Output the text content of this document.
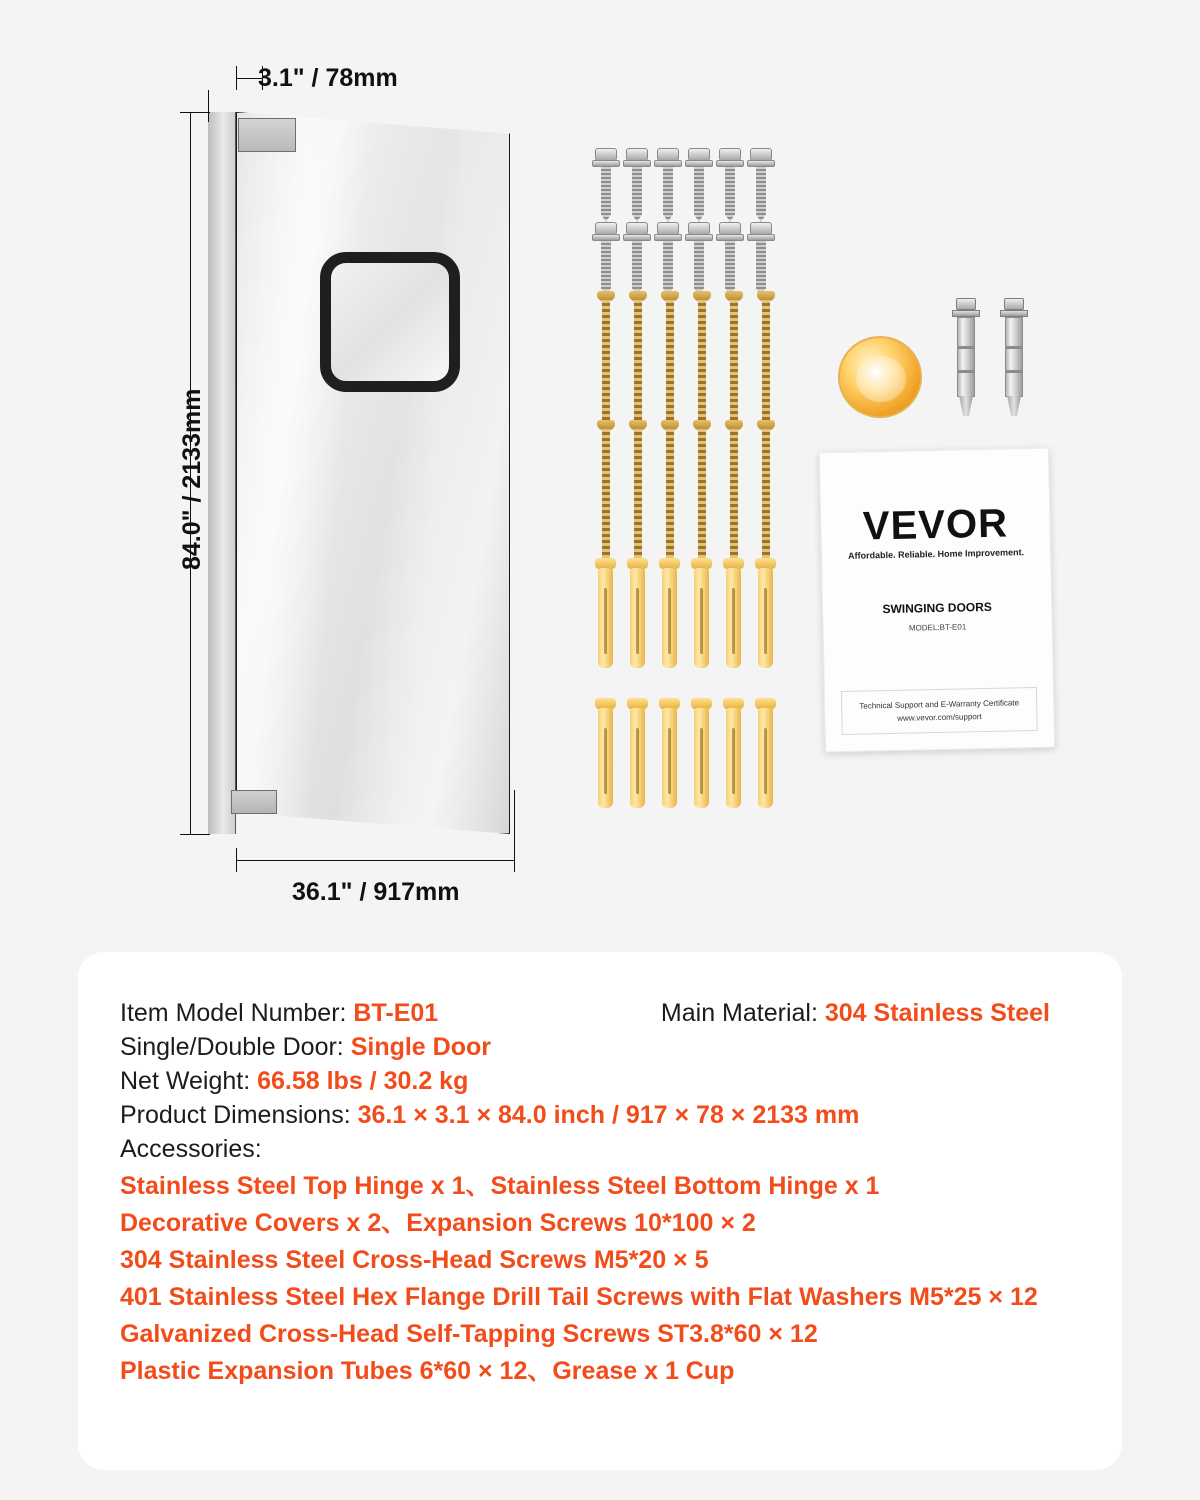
3.1" / 78mm
84.0" / 2133mm
36.1" / 917mm
VEVOR
Affordable. Reliable. Home Improvement.
SWINGING DOORS
MODEL:BT-E01
Technical Support and E-Warranty Certificate
www.vevor.com/support
Item Model Number: BT-E01	Main Material: 304 Stainless Steel
Single/Double Door: Single Door
Net Weight: 66.58 lbs / 30.2 kg
Product Dimensions: 36.1 × 3.1 × 84.0 inch / 917 × 78 × 2133 mm
Accessories:
Stainless Steel Top Hinge x 1、Stainless Steel Bottom Hinge x 1
Decorative Covers x 2、Expansion Screws 10*100 × 2
304 Stainless Steel Cross-Head Screws M5*20 × 5
401 Stainless Steel Hex Flange Drill Tail Screws with Flat Washers M5*25 × 12
Galvanized Cross-Head Self-Tapping Screws ST3.8*60 × 12
Plastic Expansion Tubes 6*60 × 12、Grease x 1 Cup
